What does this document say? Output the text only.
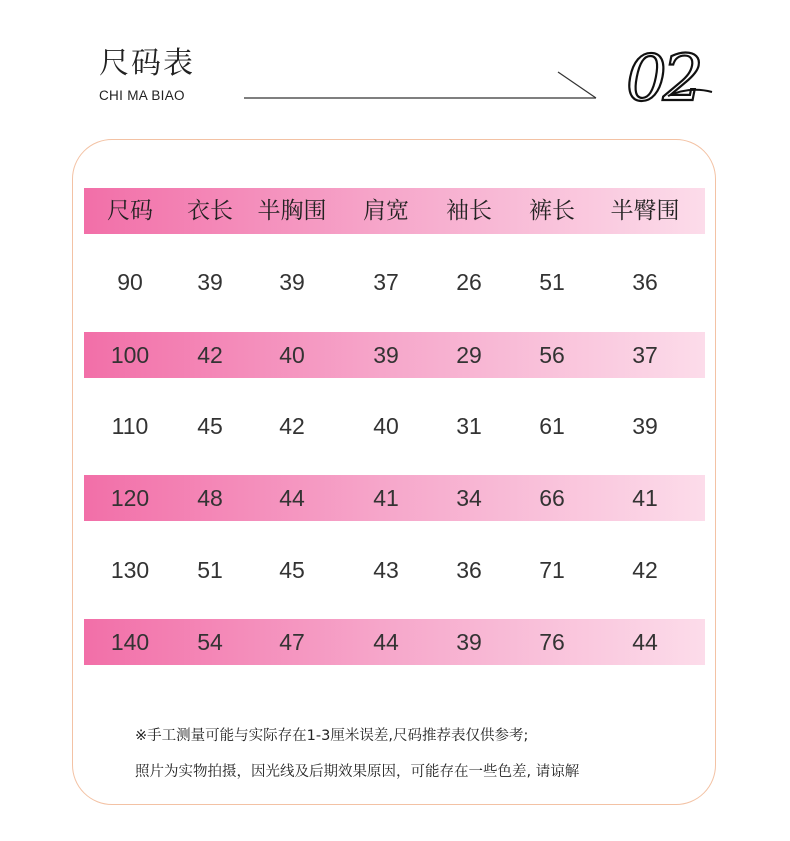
尺码表
CHI MA BIAO	02
尺码 衣长 半胸围 肩宽 袖长 裤长 半臀围
90 39 39	37 26 51	36
100 42 40	39 29 56	37
110 45 42	40 31 61	39
120 48 44	41 34 66	41
130 51 45	43 36 71	42
140 54 47	44 39 76	44
※手工测量可能与实际存在1-3厘米误差,尺码推荐表仅供参考;
照片为实物拍摄，因光线及后期效果原因，可能存在一些色差, 请谅解
